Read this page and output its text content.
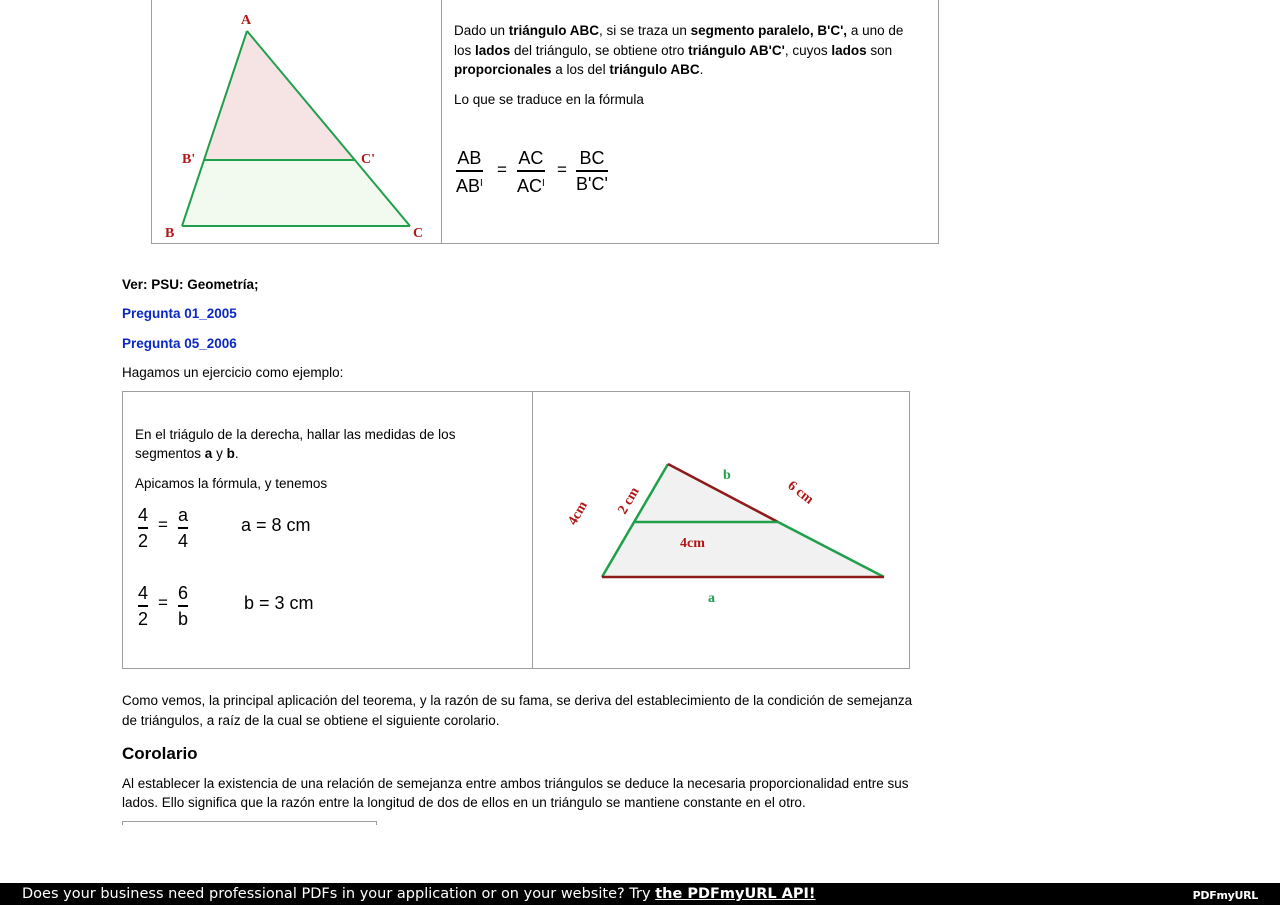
A
B'	C'
B	C

Dado un triángulo ABC, si se traza un segmento paralelo, B'C', a uno de

los lados del triángulo, se obtiene otro triángulo AB'C', cuyos lados son

proporcionales a los del triángulo ABC.

Lo que se traduce en la fórmula

AB
$AB^I$
=
AC
$AC^I$
=
BC
B'C'

Ver: PSU: Geometría;

Pregunta 01_2005

Pregunta 05_2006

Hagamos un ejercicio como ejemplo:

En el triágulo de la derecha, hallar las medidas de los

segmentos a y b.

Apicamos la fórmula, y tenemos

4
2
= a
4
a = 8 cm
4
2
= 6
b
b = 3 cm
4cm 2 cm
b
6 cm
4cm
a

Como vemos, la principal aplicación del teorema, y la razón de su fama, se deriva del establecimiento de la condición de semejanza

de triángulos, a raíz de la cual se obtiene el siguiente corolario.

Corolario

Al establecer la existencia de una relación de semejanza entre ambos triángulos se deduce la necesaria proporcionalidad entre sus

lados. Ello significa que la razón entre la longitud de dos de ellos en un triángulo se mantiene constante en el otro.

Does your business need professional PDFs in your application or on your website? Try the PDFmyURL API!	PDFmyURL
